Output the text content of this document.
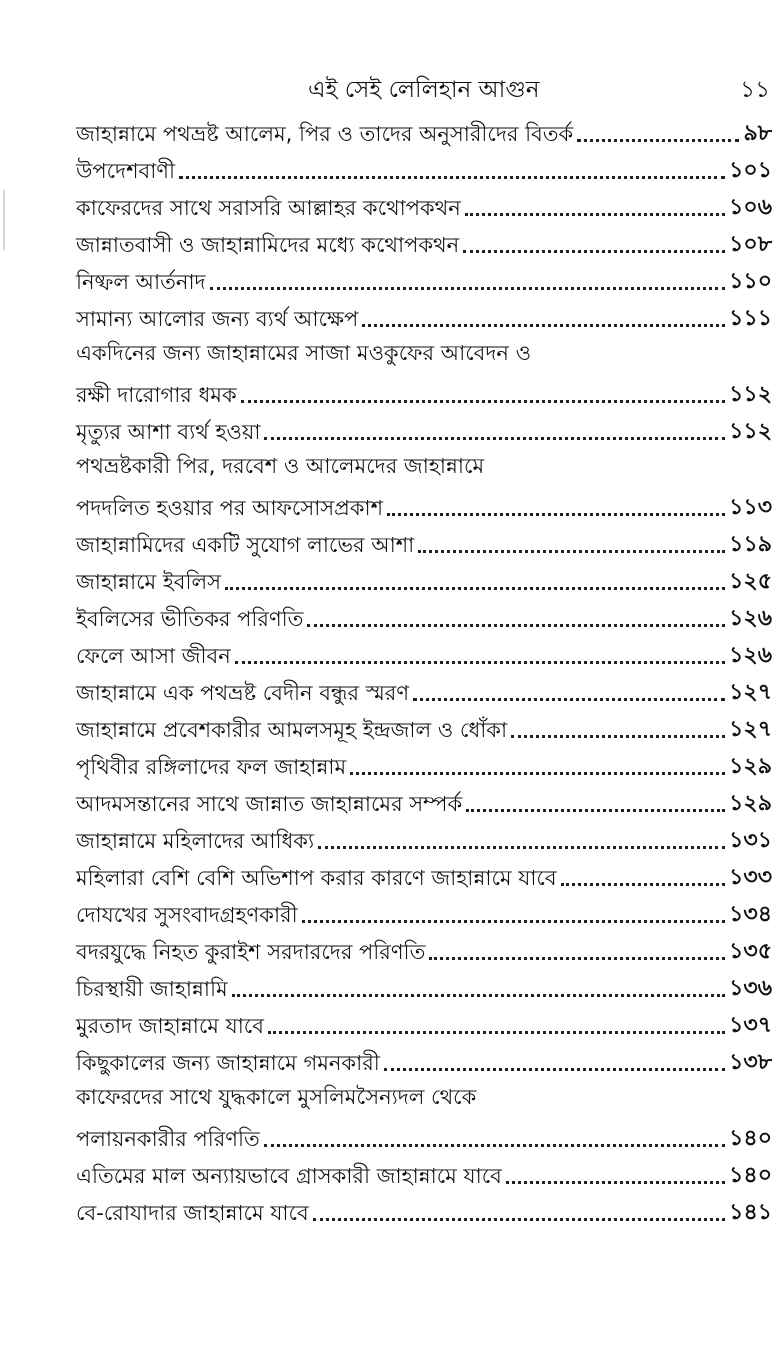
এই সেই লেলিহান আগুন	১১
জাহান্নামে পথভ্রষ্ট আলেম, পির ও তাদের অনুসারীদের বিতর্ক	৯৮
উপদেশবাণী	১০১
কাফেরদের সাথে সরাসরি আল্লাহর কথোপকথন	১০৬
জান্নাতবাসী ও জাহান্নামিদের মধ্যে কথোপকথন	১০৮
নিষ্ফল আর্তনাদ	১১০
সামান্য আলোর জন্য ব্যর্থ আক্ষেপ	১১১
একদিনের জন্য জাহান্নামের সাজা মওকুফের আবেদন ও
রক্ষী দারোগার ধমক	১১২
মৃত্যুর আশা ব্যর্থ হওয়া	১১২
পথভ্রষ্টকারী পির, দরবেশ ও আলেমদের জাহান্নামে
পদদলিত হওয়ার পর আফসোসপ্রকাশ	১১৩
জাহান্নামিদের একটি সুযোগ লাভের আশা	১১৯
জাহান্নামে ইবলিস	১২৫
ইবলিসের ভীতিকর পরিণতি	১২৬
ফেলে আসা জীবন	১২৬
জাহান্নামে এক পথভ্রষ্ট বেদীন বন্ধুর স্মরণ	১২৭
জাহান্নামে প্রবেশকারীর আমলসমূহ ইন্দ্রজাল ও ধোঁকা	১২৭
পৃথিবীর রঙ্গিলাদের ফল জাহান্নাম	১২৯
আদমসন্তানের সাথে জান্নাত জাহান্নামের সম্পর্ক	১২৯
জাহান্নামে মহিলাদের আধিক্য	১৩১
মহিলারা বেশি বেশি অভিশাপ করার কারণে জাহান্নামে যাবে	১৩৩
দোযখের সুসংবাদগ্রহণকারী	১৩৪
বদরযুদ্ধে নিহত কুরাইশ সরদারদের পরিণতি	১৩৫
চিরস্থায়ী জাহান্নামি	১৩৬
মুরতাদ জাহান্নামে যাবে	১৩৭
কিছুকালের জন্য জাহান্নামে গমনকারী	১৩৮
কাফেরদের সাথে যুদ্ধকালে মুসলিমসৈন্যদল থেকে
পলায়নকারীর পরিণতি	১৪০
এতিমের মাল অন্যায়ভাবে গ্রাসকারী জাহান্নামে যাবে	১৪০
বে-রোযাদার জাহান্নামে যাবে	১৪১
